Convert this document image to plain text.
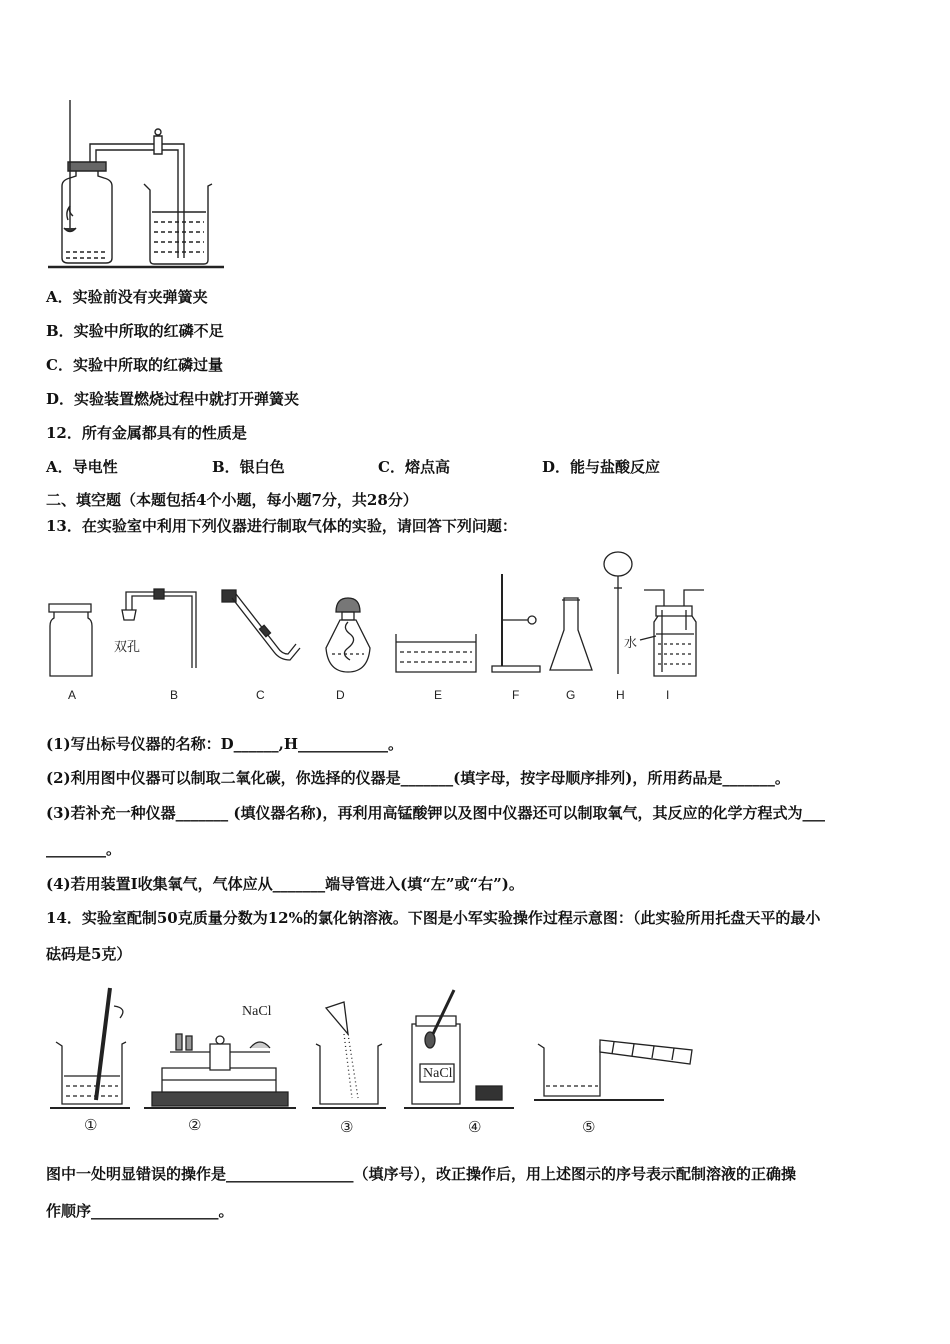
A．实验前没有夹弹簧夹
B．实验中所取的红磷不足
C．实验中所取的红磷过量
D．实验装置燃烧过程中就打开弹簧夹
12．所有金属都具有的性质是
A．导电性	B．银白色	C．熔点高	D．能与盐酸反应
二、填空题（本题包括4个小题，每小题7分，共28分）
13．在实验室中利用下列仪器进行制取气体的实验，请回答下列问题：
双孔	水
A	B	C	D	E	F	G	H	I
(1)写出标号仪器的名称：D______,H____________。
(2)利用图中仪器可以制取二氧化碳，你选择的仪器是_______(填字母，按字母顺序排列)，所用药品是_______。
(3)若补充一种仪器_______ (填仪器名称)，再利用高锰酸钾以及图中仪器还可以制取氧气，其反应的化学方程式为___
________。
(4)若用装置I收集氧气，气体应从_______端导管进入(填“左”或“右”)。
14．实验室配制50克质量分数为12%的氯化钠溶液。下图是小军实验操作过程示意图：（此实验所用托盘天平的最小
砝码是5克）
NaCl
NaCl
①	②	③	④	⑤
图中一处明显错误的操作是_________________（填序号），改正操作后，用上述图示的序号表示配制溶液的正确操
作顺序_________________。
